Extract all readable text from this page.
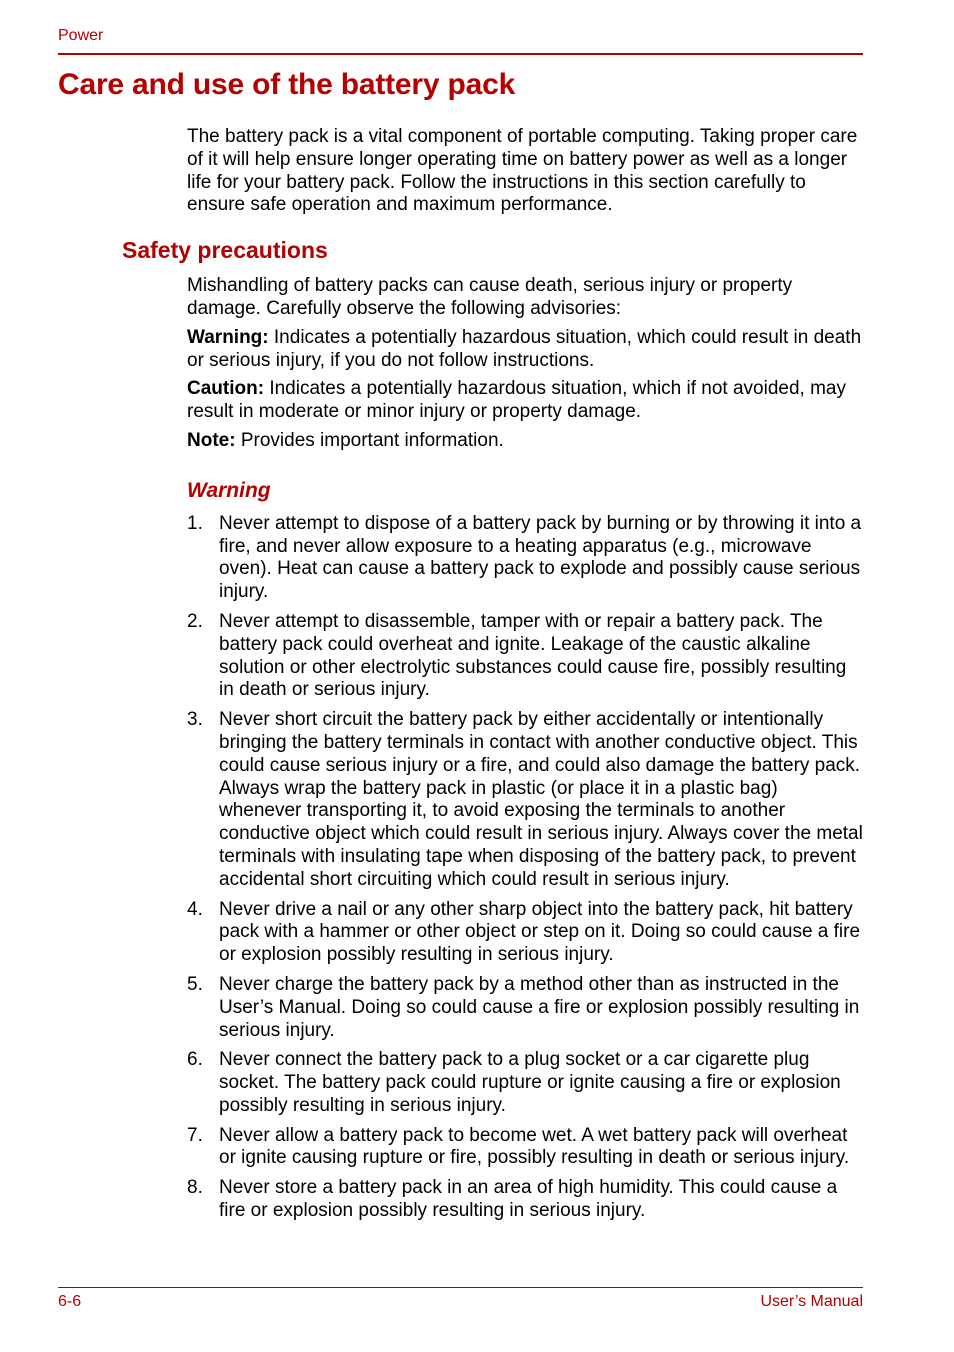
Power
Care and use of the battery pack

The battery pack is a vital component of portable computing. Taking proper care of it will help ensure longer operating time on battery power as well as a longer life for your battery pack. Follow the instructions in this section carefully to ensure safe operation and maximum performance.

Safety precautions

Mishandling of battery packs can cause death, serious injury or property damage. Carefully observe the following advisories:

Warning: Indicates a potentially hazardous situation, which could result in death or serious injury, if you do not follow instructions.

Caution: Indicates a potentially hazardous situation, which if not avoided, may result in moderate or minor injury or property damage.

Note: Provides important information.

Warning
1. Never attempt to dispose of a battery pack by burning or by throwing it into a fire, and never allow exposure to a heating apparatus (e.g., microwave oven). Heat can cause a battery pack to explode and possibly cause serious injury.
2. Never attempt to disassemble, tamper with or repair a battery pack. The battery pack could overheat and ignite. Leakage of the caustic alkaline solution or other electrolytic substances could cause fire, possibly resulting in death or serious injury.
3. Never short circuit the battery pack by either accidentally or intentionally bringing the battery terminals in contact with another conductive object. This could cause serious injury or a fire, and could also damage the battery pack. Always wrap the battery pack in plastic (or place it in a plastic bag) whenever transporting it, to avoid exposing the terminals to another conductive object which could result in serious injury. Always cover the metal terminals with insulating tape when disposing of the battery pack, to prevent accidental short circuiting which could result in serious injury.
4. Never drive a nail or any other sharp object into the battery pack, hit battery pack with a hammer or other object or step on it. Doing so could cause a fire or explosion possibly resulting in serious injury.
5. Never charge the battery pack by a method other than as instructed in the User’s Manual. Doing so could cause a fire or explosion possibly resulting in serious injury.
6. Never connect the battery pack to a plug socket or a car cigarette plug socket. The battery pack could rupture or ignite causing a fire or explosion possibly resulting in serious injury.
7. Never allow a battery pack to become wet. A wet battery pack will overheat or ignite causing rupture or fire, possibly resulting in death or serious injury.
8. Never store a battery pack in an area of high humidity. This could cause a fire or explosion possibly resulting in serious injury.
6-6	User’s Manual
